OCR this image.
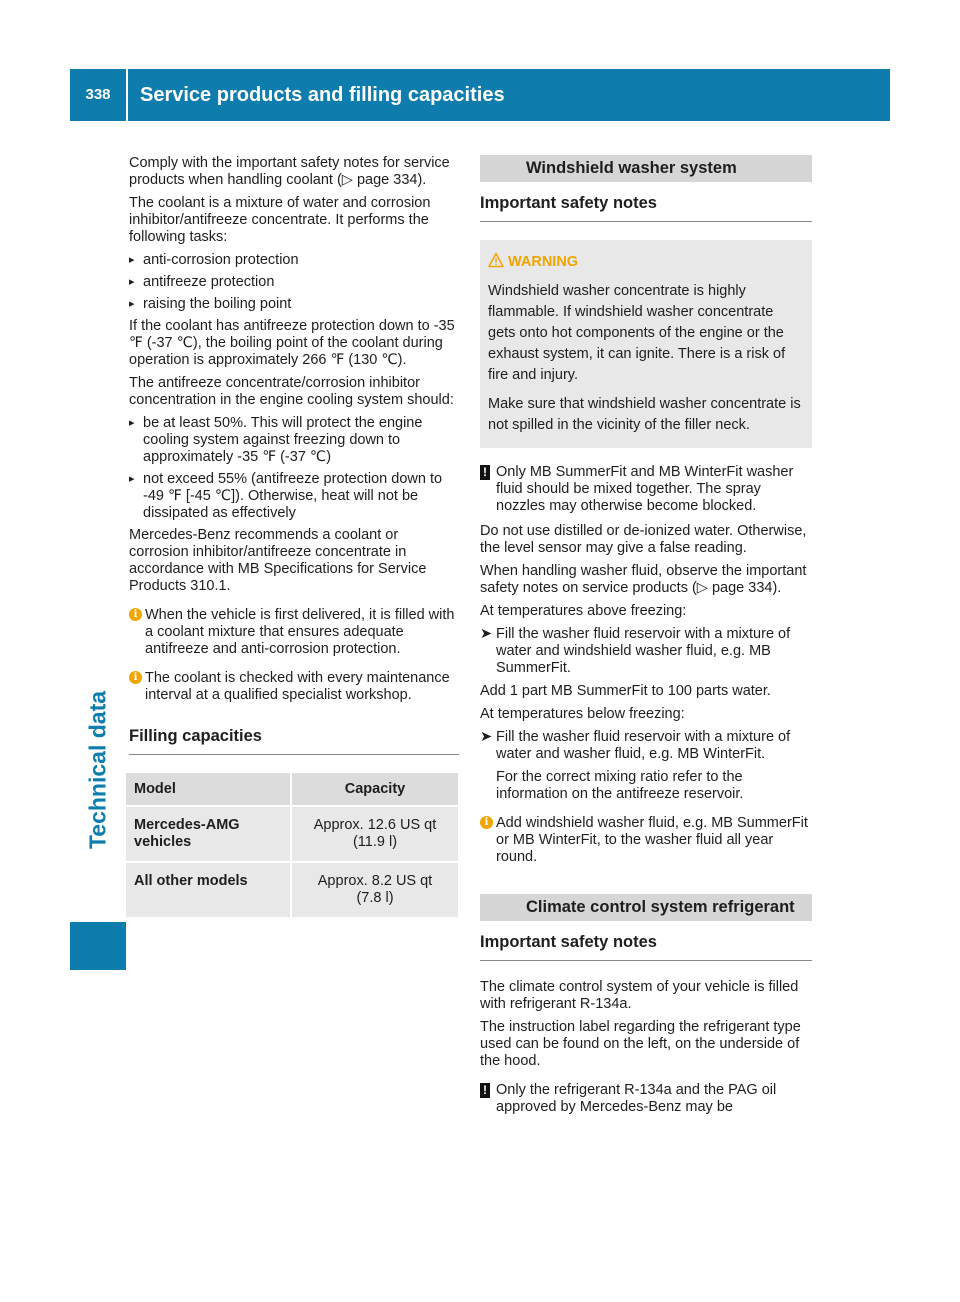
338	Service products and filling capacities
Technical data

Comply with the important safety notes for service products when handling coolant (▷ page 334).

The coolant is a mixture of water and corrosion inhibitor/antifreeze concentrate. It performs the following tasks:

▸ anti-corrosion protection
▸ antifreeze protection
▸ raising the boiling point

If the coolant has antifreeze protection down to -35 ℉ (-37 ℃), the boiling point of the coolant during operation is approximately 266 ℉ (130 ℃).

The antifreeze concentrate/corrosion inhibitor concentration in the engine cooling system should:

▸ be at least 50%. This will protect the engine cooling system against freezing down to approximately -35 ℉ (-37 ℃)
▸ not exceed 55% (antifreeze protection down to -49 ℉ [-45 ℃]). Otherwise, heat will not be dissipated as effectively

Mercedes-Benz recommends a coolant or corrosion inhibitor/antifreeze concentrate in accordance with MB Specifications for Service Products 310.1.

i When the vehicle is first delivered, it is filled with a coolant mixture that ensures adequate antifreeze and anti-corrosion protection.
i The coolant is checked with every maintenance interval at a qualified specialist workshop.
Filling capacities
Model	Capacity
Mercedes-AMG vehicles	Approx. 12.6 US qt
(11.9 l)
All other models	Approx. 8.2 US qt
(7.8 l)
Windshield washer system
Important safety notes
WARNING

Windshield washer concentrate is highly flammable. If windshield washer concentrate gets onto hot components of the engine or the exhaust system, it can ignite. There is a risk of fire and injury.

Make sure that windshield washer concentrate is not spilled in the vicinity of the filler neck.

! Only MB SummerFit and MB WinterFit washer fluid should be mixed together. The spray nozzles may otherwise become blocked.

Do not use distilled or de-ionized water. Otherwise, the level sensor may give a false reading.

When handling washer fluid, observe the important safety notes on service products (▷ page 334).

At temperatures above freezing:

➤ Fill the washer fluid reservoir with a mixture of water and windshield washer fluid, e.g. MB SummerFit.

Add 1 part MB SummerFit to 100 parts water.

At temperatures below freezing:

➤ Fill the washer fluid reservoir with a mixture of water and washer fluid, e.g. MB WinterFit.

For the correct mixing ratio refer to the information on the antifreeze reservoir.

i Add windshield washer fluid, e.g. MB SummerFit or MB WinterFit, to the washer fluid all year round.
Climate control system refrigerant
Important safety notes

The climate control system of your vehicle is filled with refrigerant R-134a.

The instruction label regarding the refrigerant type used can be found on the left, on the underside of the hood.

! Only the refrigerant R-134a and the PAG oil approved by Mercedes-Benz may be
